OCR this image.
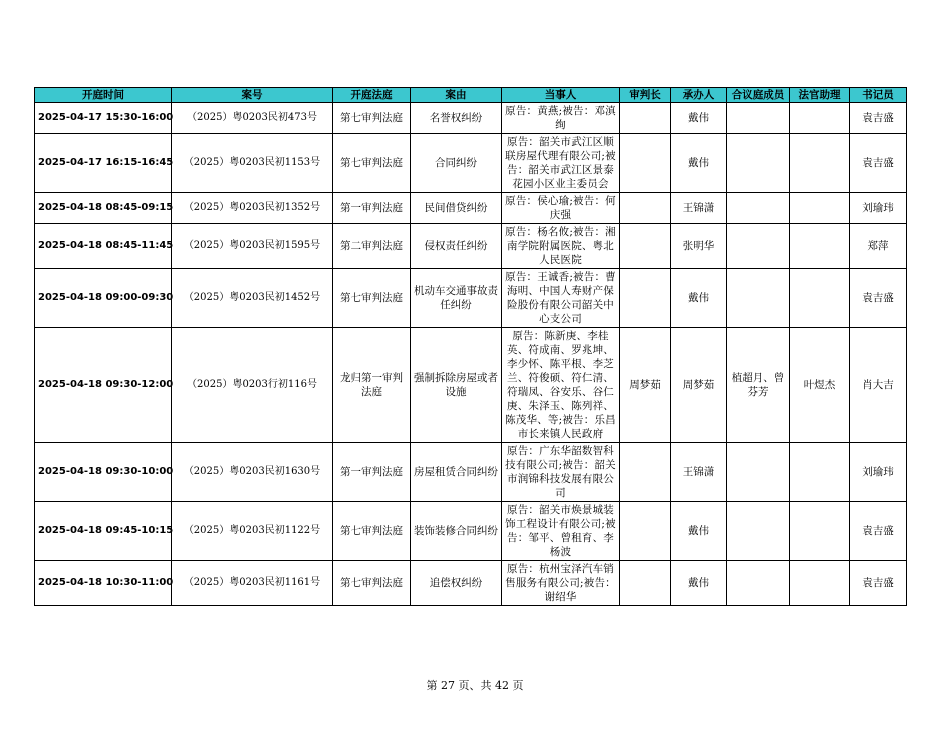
开庭时间	案号	开庭法庭	案由	当事人	审判长	承办人	合议庭成员	法官助理	书记员
2025-04-17 15:30-16:00	（2025）粤0203民初473号	第七审判法庭	名誉权纠纷	原告：黄燕;被告：邓滇绚		戴伟			袁吉盛
2025-04-17 16:15-16:45	（2025）粤0203民初1153号	第七审判法庭	合同纠纷	原告：韶关市武江区顺联房屋代理有限公司;被告：韶关市武江区景泰花园小区业主委员会		戴伟			袁吉盛
2025-04-18 08:45-09:15	（2025）粤0203民初1352号	第一审判法庭	民间借贷纠纷	原告：侯心瑜;被告：何庆强		王锦潇			刘瑜玮
2025-04-18 08:45-11:45	（2025）粤0203民初1595号	第二审判法庭	侵权责任纠纷	原告：杨名攸;被告：湘南学院附属医院、粤北人民医院		张明华			郑萍
2025-04-18 09:00-09:30	（2025）粤0203民初1452号	第七审判法庭	机动车交通事故责任纠纷	原告：王诚香;被告：曹海明、中国人寿财产保险股份有限公司韶关中心支公司		戴伟			袁吉盛
2025-04-18 09:30-12:00	（2025）粤0203行初116号	龙归第一审判法庭	强制拆除房屋或者设施	原告：陈新庚、李桂英、符成南、罗兆坤、李少怀、陈平根、李芝兰、符俊硕、符仁清、符瑞凤、谷安乐、谷仁庚、朱泽玉、陈列祥、陈茂华、等;被告：乐昌市长来镇人民政府	周梦茹	周梦茹	植超月、曾芬芳	叶煜杰	肖大吉
2025-04-18 09:30-10:00	（2025）粤0203民初1630号	第一审判法庭	房屋租赁合同纠纷	原告：广东华韶数智科技有限公司;被告：韶关市润锦科技发展有限公司		王锦潇			刘瑜玮
2025-04-18 09:45-10:15	（2025）粤0203民初1122号	第七审判法庭	装饰装修合同纠纷	原告：韶关市焕景城装饰工程设计有限公司;被告：邹平、曾租育、李杨波		戴伟			袁吉盛
2025-04-18 10:30-11:00	（2025）粤0203民初1161号	第七审判法庭	追偿权纠纷	原告：杭州宝泽汽车销售服务有限公司;被告：谢绍华		戴伟			袁吉盛
第 27 页、共 42 页
